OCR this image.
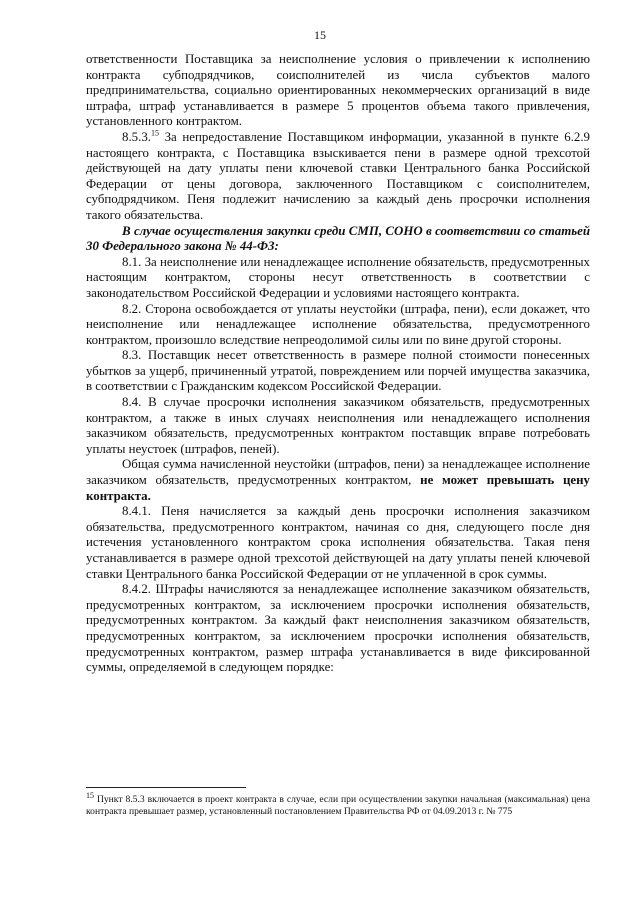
15

ответственности Поставщика за неисполнение условия о привлечении к исполнению контракта субподрядчиков, соисполнителей из числа субъектов малого предпринимательства, социально ориентированных некоммерческих организаций в виде штрафа, штраф устанавливается в размере 5 процентов объема такого привлечения, установленного контрактом.

8.5.3.15 За непредоставление Поставщиком информации, указанной в пункте 6.2.9 настоящего контракта, с Поставщика взыскивается пени в размере одной трехсотой действующей на дату уплаты пени ключевой ставки Центрального банка Российской Федерации от цены договора, заключенного Поставщиком с соисполнителем, субподрядчиком. Пеня подлежит начислению за каждый день просрочки исполнения такого обязательства.

В случае осуществления закупки среди СМП, СОНО в соответствии со статьей 30 Федерального закона № 44-ФЗ:

8.1. За неисполнение или ненадлежащее исполнение обязательств, предусмотренных настоящим контрактом, стороны несут ответственность в соответствии с законодательством Российской Федерации и условиями настоящего контракта.

8.2. Сторона освобождается от уплаты неустойки (штрафа, пени), если докажет, что неисполнение или ненадлежащее исполнение обязательства, предусмотренного контрактом, произошло вследствие непреодолимой силы или по вине другой стороны.

8.3. Поставщик несет ответственность в размере полной стоимости понесенных убытков за ущерб, причиненный утратой, повреждением или порчей имущества заказчика, в соответствии с Гражданским кодексом Российской Федерации.

8.4. В случае просрочки исполнения заказчиком обязательств, предусмотренных контрактом, а также в иных случаях неисполнения или ненадлежащего исполнения заказчиком обязательств, предусмотренных контрактом поставщик вправе потребовать уплаты неустоек (штрафов, пеней).

Общая сумма начисленной неустойки (штрафов, пени) за ненадлежащее исполнение заказчиком обязательств, предусмотренных контрактом, не может превышать цену контракта.

8.4.1. Пеня начисляется за каждый день просрочки исполнения заказчиком обязательства, предусмотренного контрактом, начиная со дня, следующего после дня истечения установленного контрактом срока исполнения обязательства. Такая пеня устанавливается в размере одной трехсотой действующей на дату уплаты пеней ключевой ставки Центрального банка Российской Федерации от не уплаченной в срок суммы.

8.4.2. Штрафы начисляются за ненадлежащее исполнение заказчиком обязательств, предусмотренных контрактом, за исключением просрочки исполнения обязательств, предусмотренных контрактом. За каждый факт неисполнения заказчиком обязательств, предусмотренных контрактом, за исключением просрочки исполнения обязательств, предусмотренных контрактом, размер штрафа устанавливается в виде фиксированной суммы, определяемой в следующем порядке:

$^{15}$ Пункт 8.5.3 включается в проект контракта в случае, если при осуществлении закупки начальная (максимальная) цена контракта превышает размер, установленный постановлением Правительства РФ от 04.09.2013 г. № 775
